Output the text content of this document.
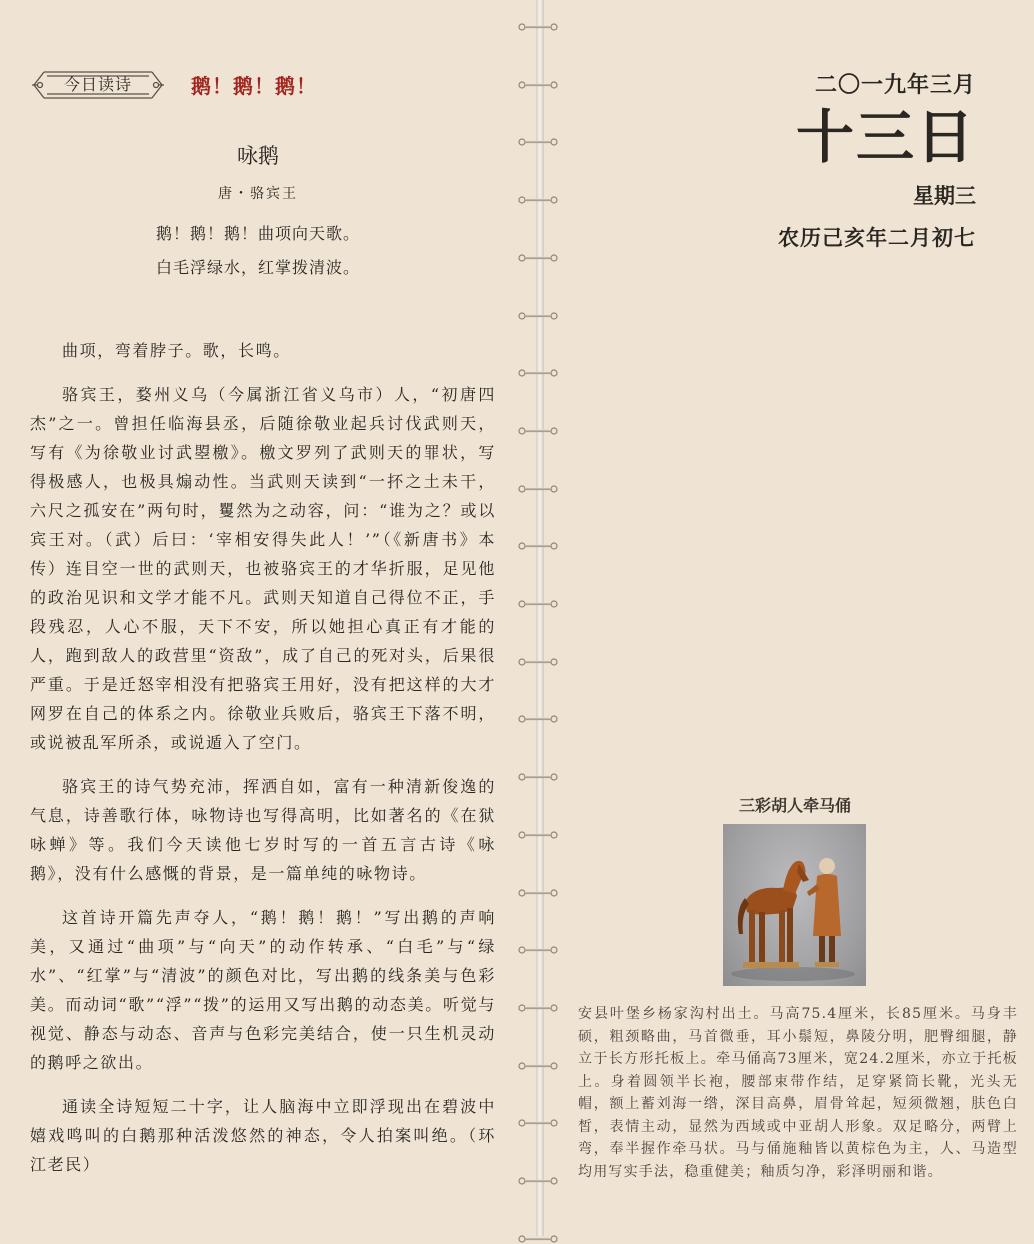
今日读诗	鹅！鹅！鹅！
咏鹅
唐・骆宾王
鹅！鹅！鹅！曲项向天歌。
白毛浮绿水，红掌拨清波。

曲项，弯着脖子。歌，长鸣。

骆宾王，婺州义乌（今属浙江省义乌市）人，“初唐四杰”之一。曾担任临海县丞，后随徐敬业起兵讨伐武则天，写有《为徐敬业讨武曌檄》。檄文罗列了武则天的罪状，写得极感人，也极具煽动性。当武则天读到“一抔之土未干，六尺之孤安在”两句时，矍然为之动容，问：“谁为之？或以宾王对。（武）后曰：‘宰相安得失此人！’”（《新唐书》本传）连目空一世的武则天，也被骆宾王的才华折服，足见他的政治见识和文学才能不凡。武则天知道自己得位不正，手段残忍，人心不服，天下不安，所以她担心真正有才能的人，跑到敌人的政营里“资敌”，成了自己的死对头，后果很严重。于是迁怒宰相没有把骆宾王用好，没有把这样的大才网罗在自己的体系之内。徐敬业兵败后，骆宾王下落不明，或说被乱军所杀，或说遁入了空门。

骆宾王的诗气势充沛，挥洒自如，富有一种清新俊逸的气息，诗善歌行体，咏物诗也写得高明，比如著名的《在狱咏蝉》等。我们今天读他七岁时写的一首五言古诗《咏鹅》，没有什么感慨的背景，是一篇单纯的咏物诗。

这首诗开篇先声夺人，“鹅！鹅！鹅！”写出鹅的声响美，又通过“曲项”与“向天”的动作转承、“白毛”与“绿水”、“红掌”与“清波”的颜色对比，写出鹅的线条美与色彩美。而动词“歌”“浮”“拨”的运用又写出鹅的动态美。听觉与视觉、静态与动态、音声与色彩完美结合，使一只生机灵动的鹅呼之欲出。

通读全诗短短二十字，让人脑海中立即浮现出在碧波中嬉戏鸣叫的白鹅那种活泼悠然的神态，令人拍案叫绝。（环江老民）

二〇一九年三月
十三日
星期三
农历己亥年二月初七
三彩胡人牵马俑
安县叶堡乡杨家沟村出土。马高75.4厘米，长85厘米。马身丰硕，粗颈略曲，马首微垂，耳小鬃短，鼻陵分明，肥臀细腿，静立于长方形托板上。牵马俑高73厘米，宽24.2厘米，亦立于托板上。身着圆领半长袍，腰部束带作结，足穿紧筒长靴，光头无帽，额上蓄刘海一绺，深目高鼻，眉骨耸起，短须微翘，肤色白皙，表情主动，显然为西域或中亚胡人形象。双足略分，两臂上弯，奉半握作牵马状。马与俑施釉皆以黄棕色为主，人、马造型均用写实手法，稳重健美；釉质匀净，彩泽明丽和谐。
